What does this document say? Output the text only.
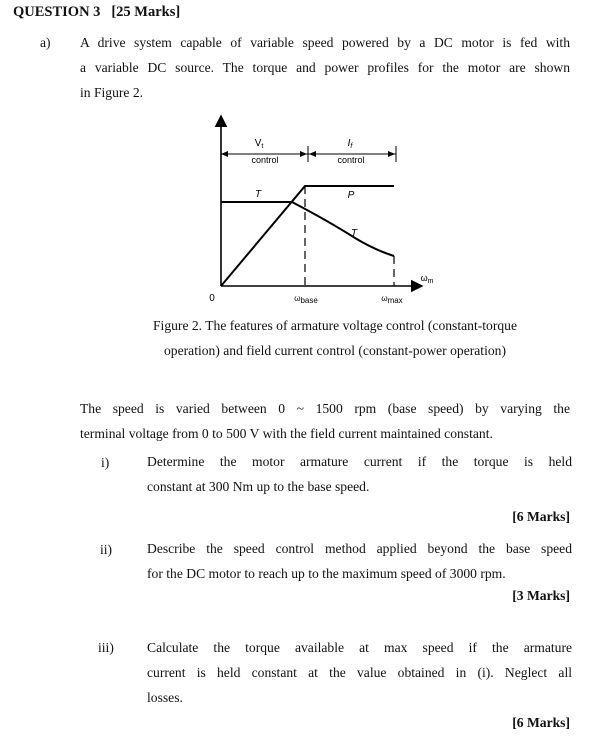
QUESTION 3 [25 Marks]
a) A drive system capable of variable speed powered by a DC motor is fed with
a variable DC source. The torque and power profiles for the motor are shown
in Figure 2.
$V_t$
control
$I_f$
control
T	P
T
0	ωbase	ωmax
$\omega_m$
Figure 2. The features of armature voltage control (constant-torque
operation) and field current control (constant-power operation)
The speed is varied between 0 ~ 1500 rpm (base speed) by varying the
terminal voltage from 0 to 500 V with the field current maintained constant.
i)	Determine the motor armature current if the torque is held
constant at 300 Nm up to the base speed.
[6 Marks]
ii)	Describe the speed control method applied beyond the base speed
for the DC motor to reach up to the maximum speed of 3000 rpm.
[3 Marks]
iii) Calculate the torque available at max speed if the armature
current is held constant at the value obtained in (i). Neglect all
losses.
[6 Marks]
